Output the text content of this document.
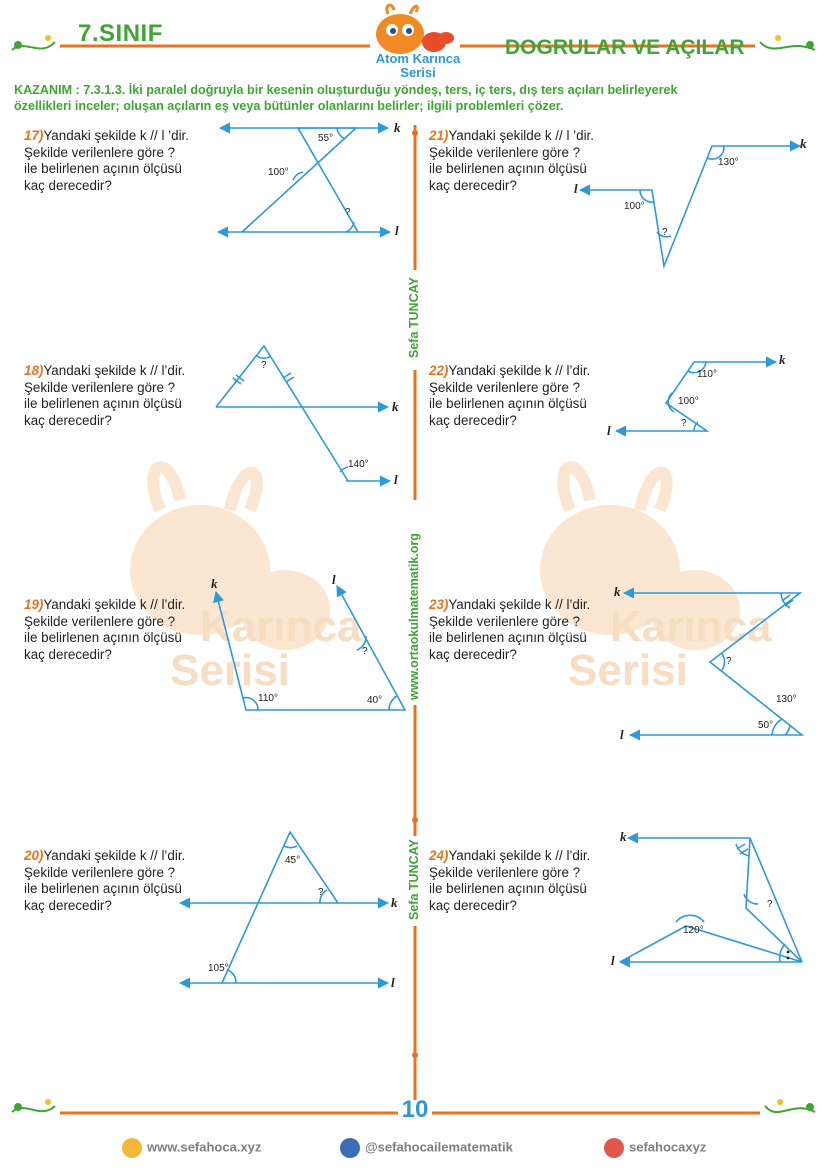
7.SINIF
DOGRULAR VE AÇILAR
Atom Karınca
Serisi
KAZANIM : 7.3.1.3. İki paralel doğruyla bir kesenin oluşturduğu yöndeş, ters, iç ters, dış ters açıları belirleyerek
özellikleri inceler; oluşan açıların eş veya bütünler olanlarını belirler; ilgili problemleri çözer.
Karınca
Serisi
Karınca
Serisi
Sefa TUNCAY
www.ortaokulmatematik.org
Sefa TUNCAY
17)Yandaki şekilde k // l ’dir.
Şekilde verilenlere göre ?
ile belirlenen açının ölçüsü
kaç derecedir?
18)Yandaki şekilde k // l’dir.
Şekilde verilenlere göre ?
ile belirlenen açının ölçüsü
kaç derecedir?
19)Yandaki şekilde k // l’dir.
Şekilde verilenlere göre ?
ile belirlenen açının ölçüsü
kaç derecedir?
20)Yandaki şekilde k // l’dir.
Şekilde verilenlere göre ?
ile belirlenen açının ölçüsü
kaç derecedir?
21)Yandaki şekilde k // l ’dir.
Şekilde verilenlere göre ?
ile belirlenen açının ölçüsü
kaç derecedir?
22)Yandaki şekilde k // l’dir.
Şekilde verilenlere göre ?
ile belirlenen açının ölçüsü
kaç derecedir?
23)Yandaki şekilde k // l’dir.
Şekilde verilenlere göre ?
ile belirlenen açının ölçüsü
kaç derecedir?
24)Yandaki şekilde k // l’dir.
Şekilde verilenlere göre ?
ile belirlenen açının ölçüsü
kaç derecedir?
k
l
55°
100°
?
k
l
140°
?
k	l
110°	40°
?
k
l
45°
105°
?
k
l
130°
100°
?
k
l
110°
100°
?
k
l
130°
50°
?
k
l
120°
?
10
www.sefahoca.xyz	@sefahocailematematik	sefahocaxyz
